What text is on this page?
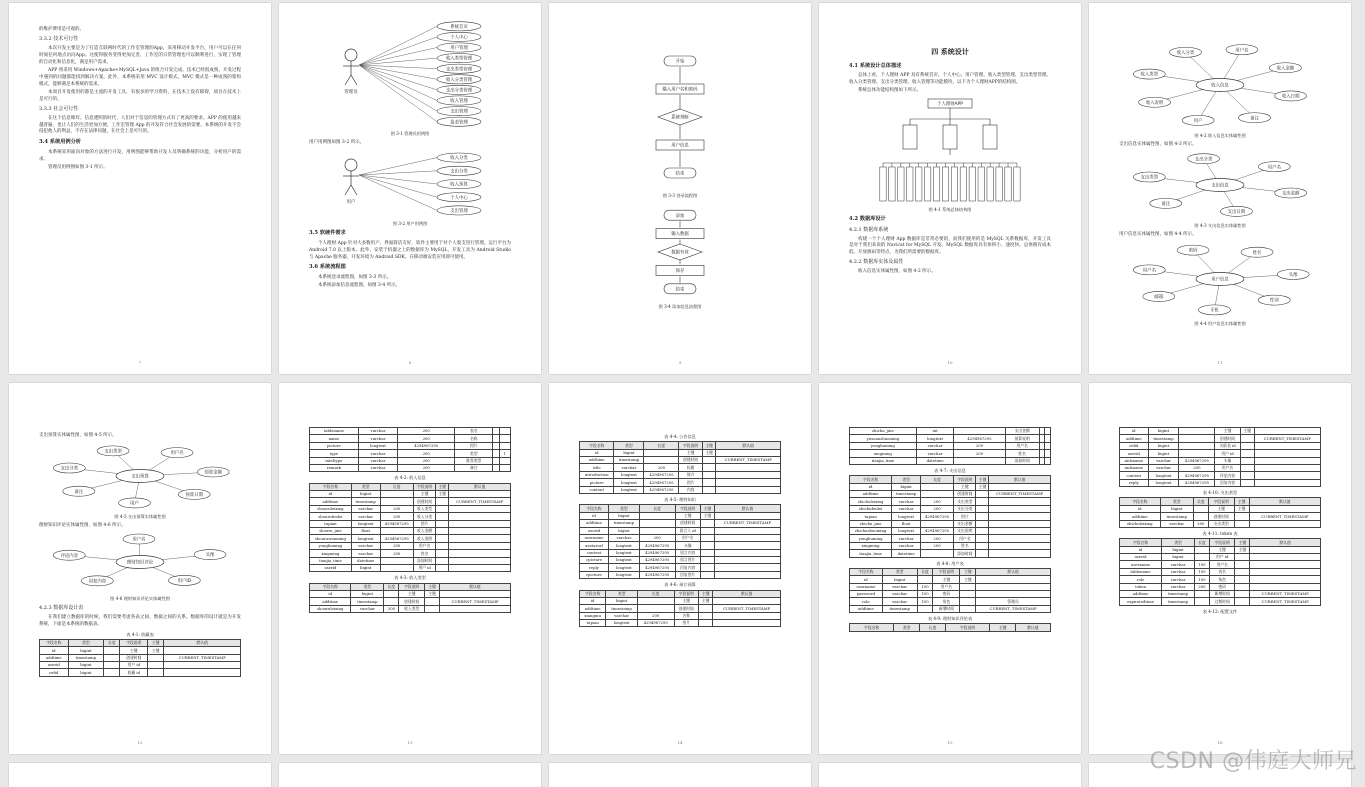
的维护费用是可观的。
3.3.2 技术可行性
本次开发主要是为了打造互联网时代的工作室管理的App，采用移动开发平台，用户可以在任何时间任何地点访问App。这使得服务变得更加完善，工作室的日常管理也可以顺利进行，实现了管理的自动化和信息化，满足用户需求。
APP 将采用 Windows+Apache+MySQL+Java 的组合开发完成。技术已经很成熟，开发过程中遇到的问题都能找到解决方案。此外，本系统采用 MVC 设计模式，MVC 模式是一种成熟的架构模式，能够满足本系统的需求。
本项目开发使用的都是主流的开发工具，有很多的学习资料，在技术上没有障碍，项目在技术上是可行的。
3.3.3 社会可行性
在这个信息爆炸、信息透明的时代，人们对于信息的管理方式有了更高的要求。APP 的使用越来越普遍，也让人们的生活更加方便，工作室管理 App 的开发符合社会发展的需要。本系统的开发不会侵犯他人的利益，不存在法律问题，在社会上是可行的。
3.4 系统用例分析
本系统采用面向对象的方法进行开发，用例图能够帮助开发人员明确系统的功能，分析用户的需求。
管理员用例图如图 3-1 所示。
7
管理员
系统首页
个人中心
用户管理
收入类型管理
支出类型管理
收入分类管理
支出分类管理
收入管理
支出管理
报表管理
图 3-1 管理员用例图
用户用例图如图 3-2 所示。
用户
收入分类
支出分类
收入预算
个人中心
支出管理
图 3-2 用户用例图
3.5 软硬件需求
个人理财 App 针对大多数用户，界面简洁友好，软件主要用于对个人收支进行管理。运行平台为 Android 7.0 以上版本。此外，安装于机器之上的数据库为 MySQL，开发工具为 Android Studio 与 Apache 服务器，开发环境为 Android SDK，在移动端安装应用即可使用。
3.6 系统流程图
本系统登录流程图，如图 3-3 所示。
本系统添加信息流程图，如图 3-4 所示。
8
开始
输入用户名和密码
系统判断
用户信息
结束
图 3-3 登录流程图
添加
输入数据
数据有效
保存
结束
图 3-4 添加信息流程图
9
四 系统设计
4.1 系统设计总体描述
总体上看，个人理财 APP 具有系统首页、个人中心、用户管理、收入类型管理、支出类型管理、收入分类管理、支出分类管理、收入管理等功能模块，以下为个人理财APP的结构图。
系统总体功能结构图如下所示。
个人理财APP
图 4-1 系统总体结构图
4.2 数据库设计
4.2.1 数据库系统
构建一个个人理财 App 数据库是非常必要的，而我们使用的是 MySQL 关系数据库，开发工具是对于我们来说的 Navicat for MySQL 开发。MySQL 数据库具有体积小、速度快、总体拥有成本低、开放源码等特点，为我们所需要的数据库。
4.2.2 数据库实体及属性
收入信息实体属性图，如图 4-2 所示。
10
收入类型
收入分类
用户名
收入金额
收入日期
备注
用户
收入说明
收入信息
图 4-2 收入信息实体属性图
支出信息实体属性图，如图 4-3 所示。
支出类型
支出分类
用户名
支出金额
支出日期
备注
支出信息
图 4-3 支出信息实体属性图
用户信息实体属性图，如图 4-4 所示。
用户名
密码	姓名
头像
性别
手机
邮箱
用户信息
图 4-4 用户信息实体属性图
11
支出预算实体属性图，如图 4-5 所示。
支出分类
支出类型	用户名
预算金额
预算日期
用户
备注
支出预算
图 4-5 支出预算实体属性图
理财知识评论实体属性图，如图 4-6 所示。
评论内容
用户名
头像
用户ID
回复内容
理财知识评论
图 4-6 理财知识评论实体属性图
4.2.3 数据库设计表
在我们建立数据库的时候，我们需要考虑各表之间、数据之间的关系。数据库的设计就是为开发系统，下面是本系统的数据表。
表 4-1: 收藏表
字段名称	类型	长度	字段说明	主键	默认值
id	bigint		主键	主键	
addtime	timestamp		创建时间		CURRENT_TIMESTAMP
userid	bigint		用户 id		
refid	bigint		收藏 id		
12
tablename	varchar	200	表名		
name	varchar	200	名称		
picture	longtext	4294967295	图片		
type	varchar	200	类型		1
inteltype	varchar	200	推荐类型		
remark	varchar	200	备注		
表 4-2: 收入信息
字段名称	类型	长度	字段说明	主键	默认值
id	bigint		主键	主键	
addtime	timestamp		创建时间		CURRENT_TIMESTAMP
shouruleixing	varchar	200	收入类型		
shourufenlei	varchar	200	收入分类		
tupian	longtext	4294967295	图片		
shouru_jine	float		收入金额		
shouruwenming	longtext	4294967295	收入说明		
yonghuming	varchar	200	用户名		
xingming	varchar	200	姓名		
tianjia_time	datetime		添加时间		
userid	bigint		用户 id		
表 4-3: 收入类型
字段名称	类型	长度	字段说明	主键	默认值
id	bigint		主键	主键	
addtime	timestamp		创建时间		CURRENT_TIMESTAMP
shouruleixing	varchar	200	收入类型		
13
表 4-4: 公告信息
字段名称	类型	长度	字段说明	主键	默认值
id	bigint		主键	主键	
addtime	timestamp		创建时间		CURRENT_TIMESTAMP
title	varchar	200	标题		
introduction	longtext	4294967295	简介		
picture	longtext	4294967295	图片		
content	longtext	4294967295	内容		
表 4-5: 理财知识
字段名称	类型	长度	字段说明	主键	默认值
id	bigint		主键	主键	
addtime	timestamp		创建时间		CURRENT_TIMESTAMP
userid	bigint		留言人 id		
username	varchar	200	用户名		
avatarurl	longtext	4294967295	头像		
content	longtext	4294967295	留言内容		
cpicture	longtext	4294967295	留言图片		
reply	longtext	4294967295	回复内容		
rpicture	longtext	4294967295	回复图片		
表 4-6: 预订预算
字段名称	类型	长度	字段说明	主键	默认值
id	bigint		主键	主键	
addtime	timestamp		创建时间		CURRENT_TIMESTAMP
xiangmu	varchar	200	名称		
tupian	longtext	4294967295	图片		
14
zhichu_jine	int		支出金额		
yusuanshuoming	longtext	4294967295	预算说明		
yonghuming	varchar	200	用户名		
xingming	varchar	200	姓名		
tianjia_time	datetime		添加时间		
表 4-7: 支出信息
字段名称	类型	长度	字段说明	主键	默认值
id	bigint		主键	主键	
addtime	timestamp		创建时间		CURRENT_TIMESTAMP
zhichuleixing	varchar	200	支出类型		
zhichufenlei	varchar	200	支出分类		
tupian	longtext	4294967295	图片		
zhichu_jine	float		支出金额		
zhichushuoming	longtext	4294967295	支出说明		
yonghuming	varchar	200	用户名		
xingming	varchar	200	姓名		
tianjia_time	datetime		添加时间		
表 4-8: 用户表
字段名称	类型	长度	字段说明	主键	默认值
id	bigint		主键	主键	
username	varchar	100	用户名		
password	varchar	100	密码		
role	varchar	100	角色		管理员
addtime	timestamp		新增时间		CURRENT_TIMESTAMP
表 4-9: 理财知识评论表
字段名称	类型	长度	字段说明	主键	默认值
15
id	bigint		主键	主键	
addtime	timestamp		创建时间		CURRENT_TIMESTAMP
refid	bigint		关联表 id		
userid	bigint		用户 id		
nickname	varchar	4294967295	头像		
nickname	varchar	200	用户名		
content	longtext	4294967295	评论内容		
reply	longtext	4294967295	回复内容		
表 4-10: 支出类型
字段名称	类型	长度	字段说明	主键	默认值
id	bigint		主键	主键	
addtime	timestamp		创建时间		CURRENT_TIMESTAMP
zhichuleixing	varchar	200	支出类型		
表 4-11: token 表
字段名称	类型	长度	字段说明	主键	默认值
id	bigint		主键	主键	
userid	bigint		用户 id		
username	varchar	100	用户名		
tablename	varchar	100	表名		
role	varchar	100	角色		
token	varchar	200	密码		
addtime	timestamp		新增时间		CURRENT_TIMESTAMP
expiratedtime	timestamp		过期时间		CURRENT_TIMESTAMP
表 4-12: 配置文件
16
CSDN @伟庭大师兄
